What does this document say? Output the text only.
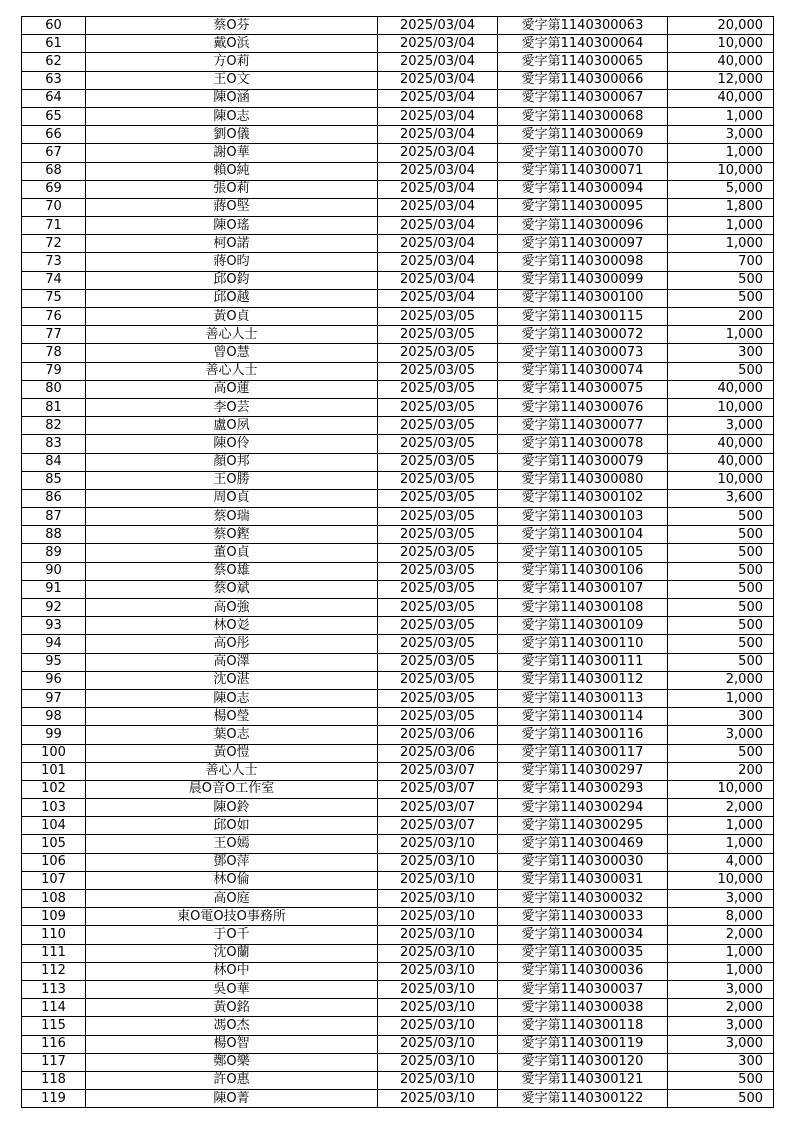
60	蔡O芬	2025/03/04	愛字第1140300063	20,000
61	戴O浜	2025/03/04	愛字第1140300064	10,000
62	方O莉	2025/03/04	愛字第1140300065	40,000
63	王O文	2025/03/04	愛字第1140300066	12,000
64	陳O涵	2025/03/04	愛字第1140300067	40,000
65	陳O志	2025/03/04	愛字第1140300068	1,000
66	劉O儀	2025/03/04	愛字第1140300069	3,000
67	謝O華	2025/03/04	愛字第1140300070	1,000
68	賴O純	2025/03/04	愛字第1140300071	10,000
69	張O莉	2025/03/04	愛字第1140300094	5,000
70	蔣O堅	2025/03/04	愛字第1140300095	1,800
71	陳O瑤	2025/03/04	愛字第1140300096	1,000
72	柯O諾	2025/03/04	愛字第1140300097	1,000
73	蔣O昀	2025/03/04	愛字第1140300098	700
74	邱O鈞	2025/03/04	愛字第1140300099	500
75	邱O越	2025/03/04	愛字第1140300100	500
76	黃O貞	2025/03/05	愛字第1140300115	200
77	善心人士	2025/03/05	愛字第1140300072	1,000
78	曾O慧	2025/03/05	愛字第1140300073	300
79	善心人士	2025/03/05	愛字第1140300074	500
80	高O蓮	2025/03/05	愛字第1140300075	40,000
81	李O芸	2025/03/05	愛字第1140300076	10,000
82	盧O夙	2025/03/05	愛字第1140300077	3,000
83	陳O伶	2025/03/05	愛字第1140300078	40,000
84	顏O邦	2025/03/05	愛字第1140300079	40,000
85	王O勝	2025/03/05	愛字第1140300080	10,000
86	周O貞	2025/03/05	愛字第1140300102	3,600
87	蔡O瑞	2025/03/05	愛字第1140300103	500
88	蔡O鏗	2025/03/05	愛字第1140300104	500
89	董O貞	2025/03/05	愛字第1140300105	500
90	蔡O雄	2025/03/05	愛字第1140300106	500
91	蔡O斌	2025/03/05	愛字第1140300107	500
92	高O強	2025/03/05	愛字第1140300108	500
93	林O彣	2025/03/05	愛字第1140300109	500
94	高O彤	2025/03/05	愛字第1140300110	500
95	高O澤	2025/03/05	愛字第1140300111	500
96	沈O湛	2025/03/05	愛字第1140300112	2,000
97	陳O志	2025/03/05	愛字第1140300113	1,000
98	楊O瑩	2025/03/05	愛字第1140300114	300
99	葉O志	2025/03/06	愛字第1140300116	3,000
100	黃O愷	2025/03/06	愛字第1140300117	500
101	善心人士	2025/03/07	愛字第1140300297	200
102	晨O音O工作室	2025/03/07	愛字第1140300293	10,000
103	陳O鈴	2025/03/07	愛字第1140300294	2,000
104	邱O如	2025/03/07	愛字第1140300295	1,000
105	王O嫣	2025/03/10	愛字第1140300469	1,000
106	鄧O萍	2025/03/10	愛字第1140300030	4,000
107	林O倫	2025/03/10	愛字第1140300031	10,000
108	高O庭	2025/03/10	愛字第1140300032	3,000
109	東O電O技O事務所	2025/03/10	愛字第1140300033	8,000
110	于O千	2025/03/10	愛字第1140300034	2,000
111	沈O蘭	2025/03/10	愛字第1140300035	1,000
112	林O中	2025/03/10	愛字第1140300036	1,000
113	吳O華	2025/03/10	愛字第1140300037	3,000
114	黃O銘	2025/03/10	愛字第1140300038	2,000
115	馮O杰	2025/03/10	愛字第1140300118	3,000
116	楊O智	2025/03/10	愛字第1140300119	3,000
117	鄭O樂	2025/03/10	愛字第1140300120	300
118	許O惠	2025/03/10	愛字第1140300121	500
119	陳O菁	2025/03/10	愛字第1140300122	500
